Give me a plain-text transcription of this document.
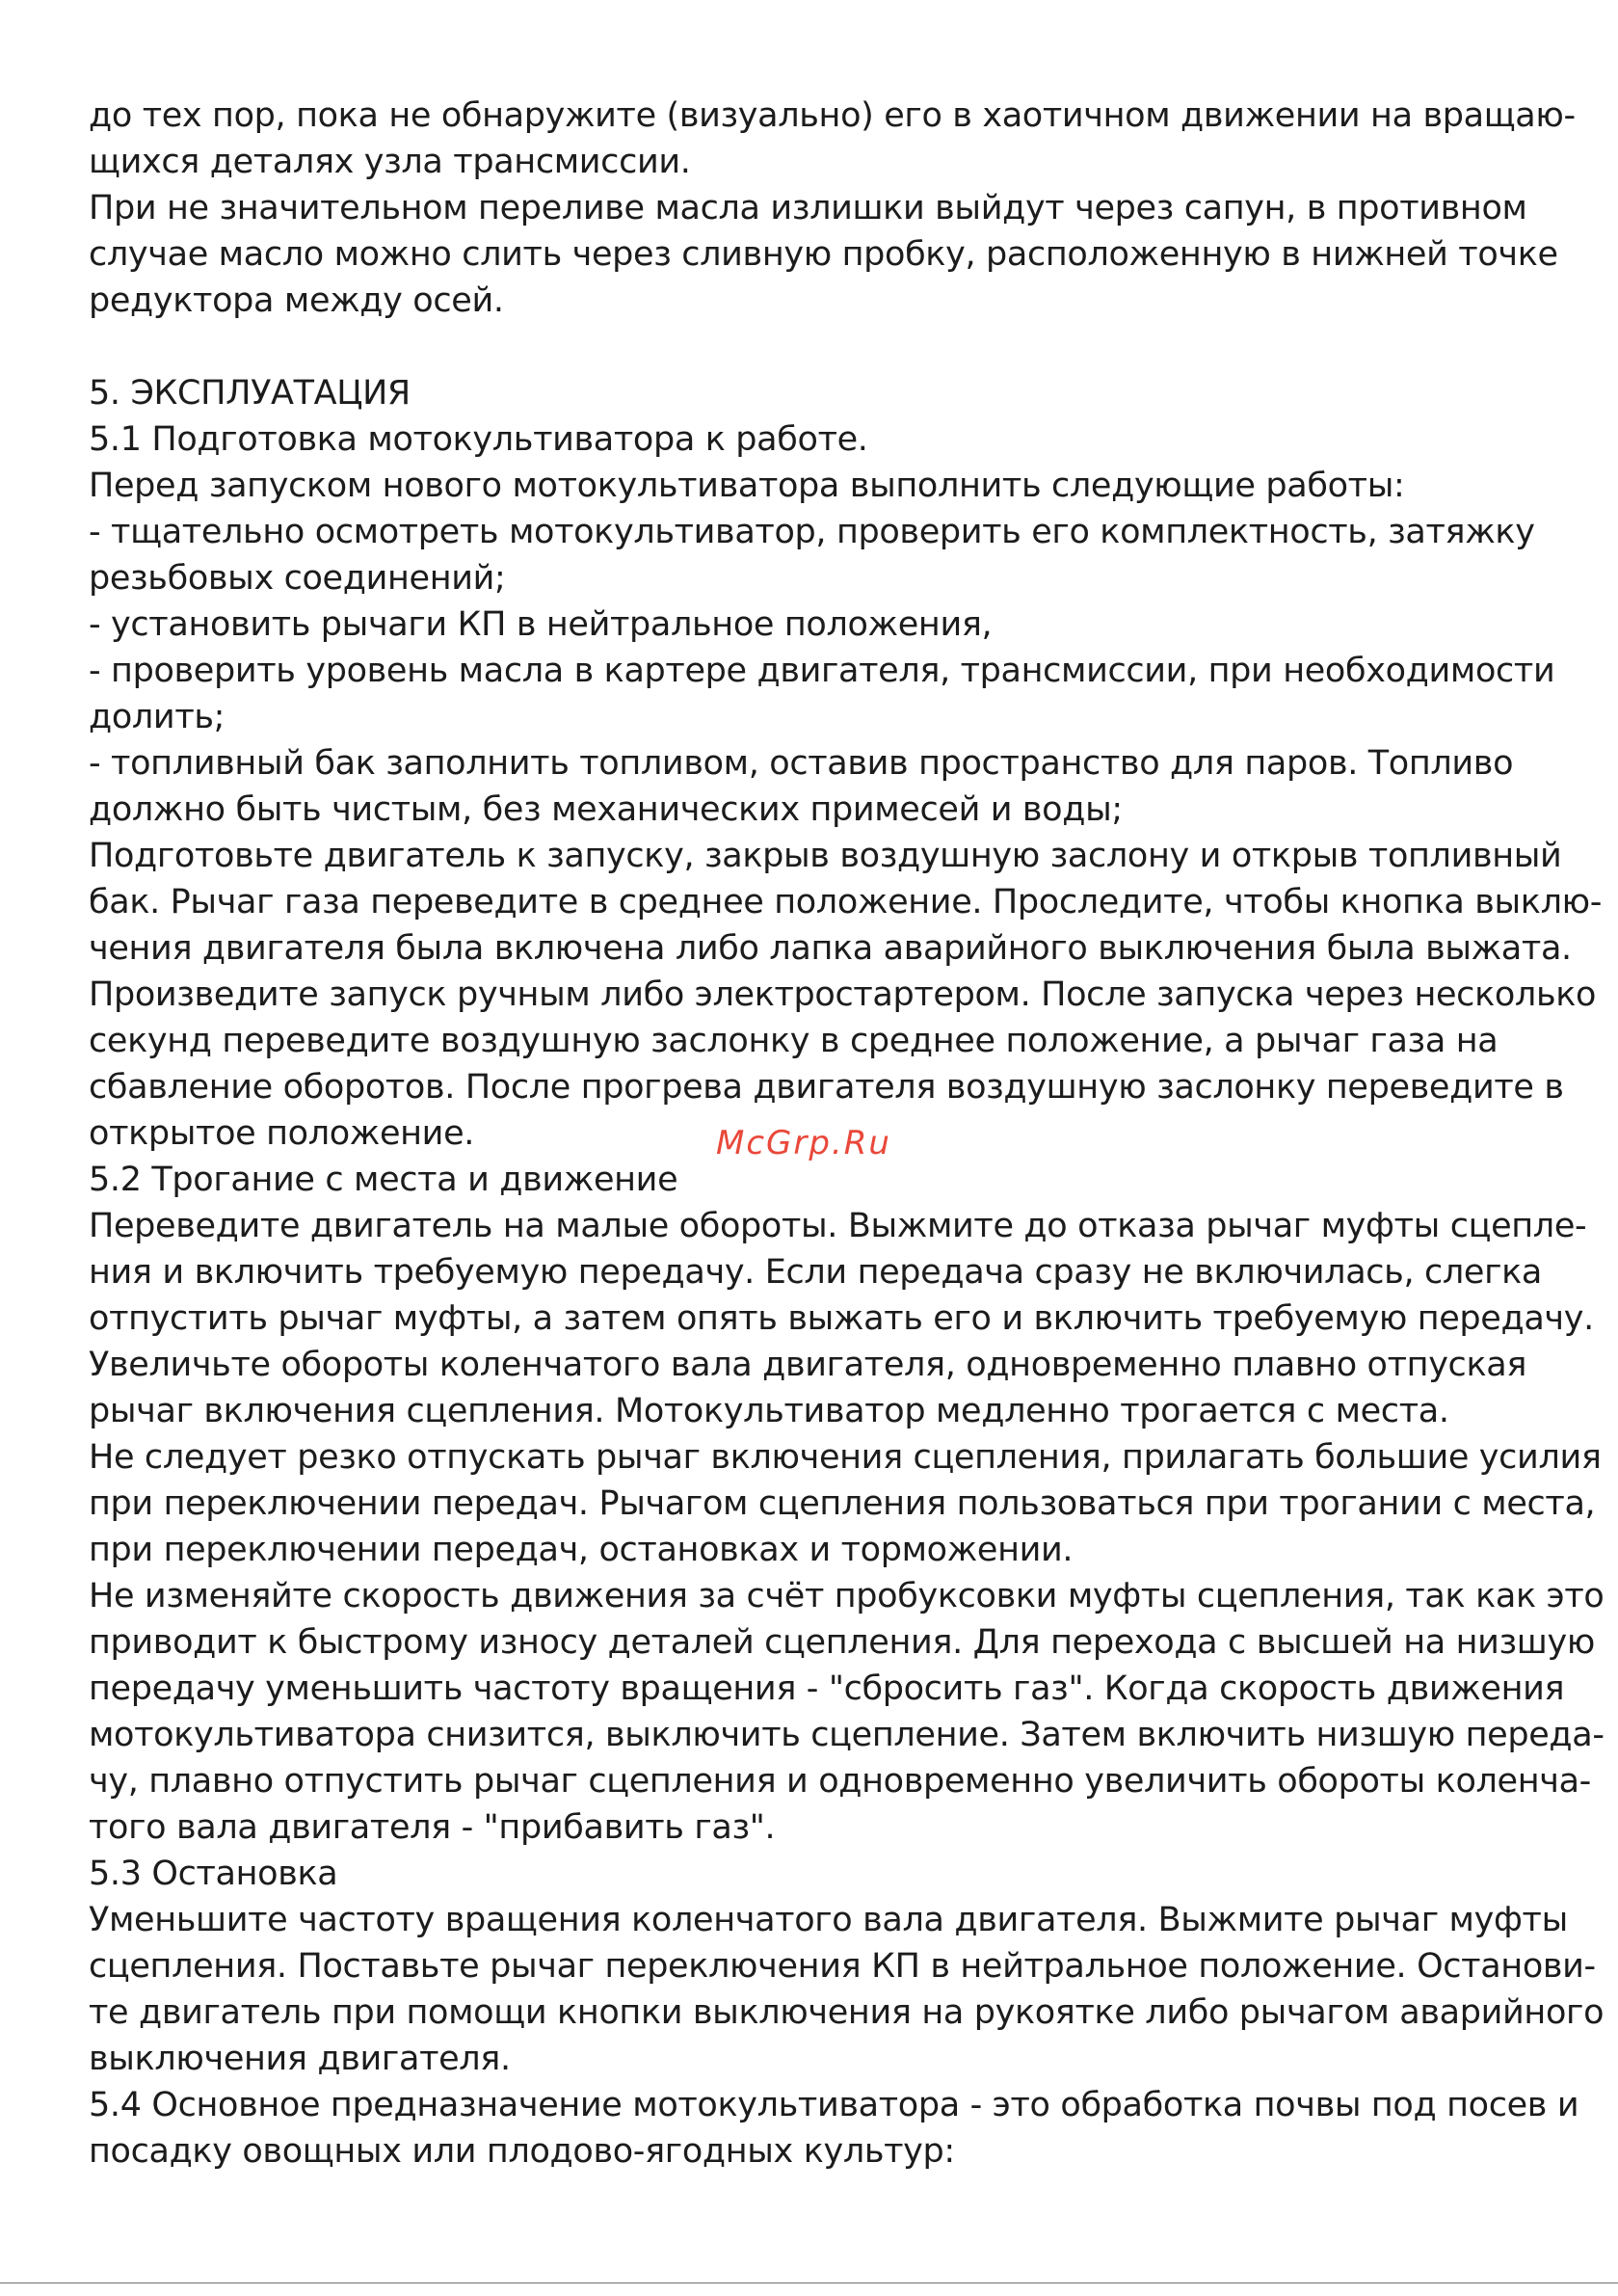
до тех пор, пока не обнаружите (визуально) его в хаотичном движении на вращаю-
щихся деталях узла трансмиссии.
При не значительном переливе масла излишки выйдут через сапун, в противном
случае масло можно слить через сливную пробку, расположенную в нижней точке
редуктора между осей.
5. ЭКСПЛУАТАЦИЯ
5.1 Подготовка мотокультиватора к работе.
Перед запуском нового мотокультиватора выполнить следующие работы:
- тщательно осмотреть мотокультиватор, проверить его комплектность, затяжку
резьбовых соединений;
- установить рычаги КП в нейтральное положения,
- проверить уровень масла в картере двигателя, трансмиссии, при необходимости
долить;
- топливный бак заполнить топливом, оставив пространство для паров. Топливо
должно быть чистым, без механических примесей и воды;
Подготовьте двигатель к запуску, закрыв воздушную заслону и открыв топливный
бак. Рычаг газа переведите в среднее положение. Проследите, чтобы кнопка выклю-
чения двигателя была включена либо лапка аварийного выключения была выжата.
Произведите запуск ручным либо электростартером. После запуска через несколько
секунд переведите воздушную заслонку в среднее положение, а рычаг газа на
сбавление оборотов. После прогрева двигателя воздушную заслонку переведите в
открытое положение.
5.2 Трогание с места и движение
Переведите двигатель на малые обороты. Выжмите до отказа рычаг муфты сцепле-
ния и включить требуемую передачу. Если передача сразу не включилась, слегка
отпустить рычаг муфты, а затем опять выжать его и включить требуемую передачу.
Увеличьте обороты коленчатого вала двигателя, одновременно плавно отпуская
рычаг включения сцепления. Мотокультиватор медленно трогается с места.
Не следует резко отпускать рычаг включения сцепления, прилагать большие усилия
при переключении передач. Рычагом сцепления пользоваться при трогании с места,
при переключении передач, остановках и торможении.
Не изменяйте скорость движения за счёт пробуксовки муфты сцепления, так как это
приводит к быстрому износу деталей сцепления. Для перехода с высшей на низшую
передачу уменьшить частоту вращения - "сбросить газ". Когда скорость движения
мотокультиватора снизится, выключить сцепление. Затем включить низшую переда-
чу, плавно отпустить рычаг сцепления и одновременно увеличить обороты коленча-
того вала двигателя - "прибавить газ".
5.3 Остановка
Уменьшите частоту вращения коленчатого вала двигателя. Выжмите рычаг муфты
сцепления. Поставьте рычаг переключения КП в нейтральное положение. Останови-
те двигатель при помощи кнопки выключения на рукоятке либо рычагом аварийного
выключения двигателя.
5.4 Основное предназначение мотокультиватора - это обработка почвы под посев и
посадку овощных или плодово-ягодных культур:
McGrp.Ru
